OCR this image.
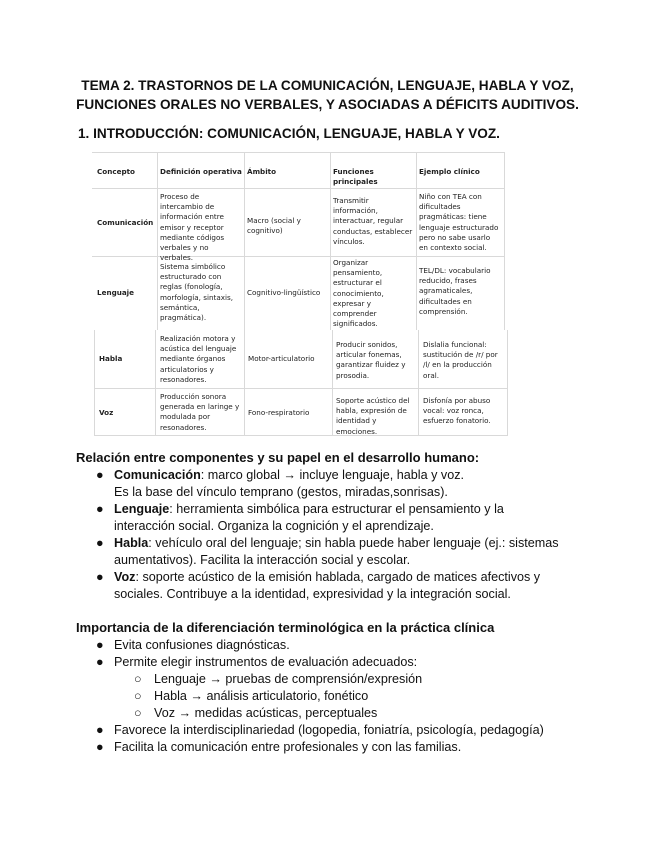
TEMA 2. TRASTORNOS DE LA COMUNICACIÓN, LENGUAJE, HABLA Y VOZ,
FUNCIONES ORALES NO VERBALES, Y ASOCIADAS A DÉFICITS AUDITIVOS.
1. INTRODUCCIÓN: COMUNICACIÓN, LENGUAJE, HABLA Y VOZ.
Concepto	Definición operativa Ámbito	Funciones principales
Ejemplo clínico
Comunicación
Proceso de intercambio de información entre emisor y receptor mediante códigos verbales y no verbales.
Macro (social y cognitivo)
Transmitir información, interactuar, regular conductas, establecer vínculos.
Niño con TEA con dificultades pragmáticas: tiene lenguaje estructurado pero no sabe usarlo en contexto social.
Lenguaje
Sistema simbólico estructurado con reglas (fonología, morfología, sintaxis, semántica, pragmática).
Cognitivo-lingüístico
Organizar pensamiento, estructurar el conocimiento, expresar y comprender significados.
TEL/DL: vocabulario reducido, frases agramaticales, dificultades en comprensión.
Habla
Realización motora y acústica del lenguaje mediante órganos articulatorios y resonadores.
Motor-articulatorio
Producir sonidos, articular fonemas, garantizar fluidez y prosodia.
Dislalia funcional: sustitución de /r/ por /l/ en la producción oral.
Voz
Producción sonora generada en laringe y modulada por resonadores.
Fono-respiratorio
Soporte acústico del habla, expresión de identidad y emociones.
Disfonía por abuso vocal: voz ronca, esfuerzo fonatorio.
Relación entre componentes y su papel en el desarrollo humano:
● Comunicación: marco global → incluye lenguaje, habla y voz.
Es la base del vínculo temprano (gestos, miradas,sonrisas).
● Lenguaje: herramienta simbólica para estructurar el pensamiento y la
interacción social. Organiza la cognición y el aprendizaje.
● Habla: vehículo oral del lenguaje; sin habla puede haber lenguaje (ej.: sistemas
aumentativos). Facilita la interacción social y escolar.
● Voz: soporte acústico de la emisión hablada, cargado de matices afectivos y
sociales. Contribuye a la identidad, expresividad y la integración social.
Importancia de la diferenciación terminológica en la práctica clínica
● Evita confusiones diagnósticas.
● Permite elegir instrumentos de evaluación adecuados:
○ Lenguaje → pruebas de comprensión/expresión
○ Habla → análisis articulatorio, fonético
○ Voz → medidas acústicas, perceptuales
● Favorece la interdisciplinariedad (logopedia, foniatría, psicología, pedagogía)
● Facilita la comunicación entre profesionales y con las familias.
